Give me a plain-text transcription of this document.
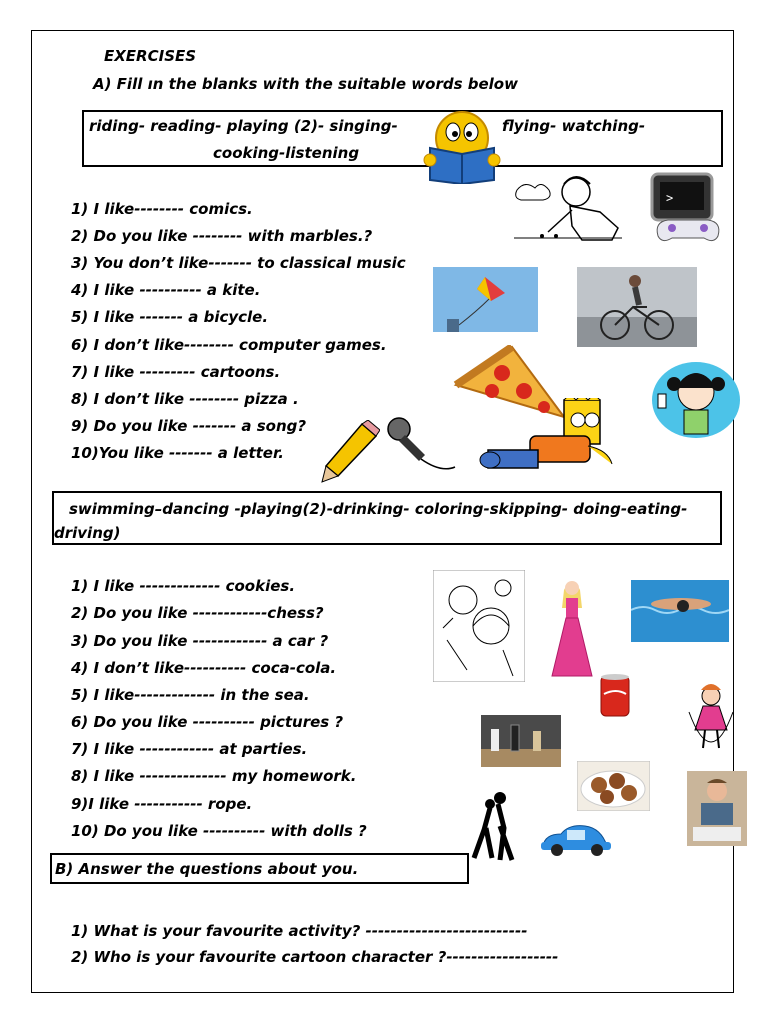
EXERCISES
A) Fill ın the blanks with the suitable words below
riding- reading- playing (2)- singing-	flying- watching-
cooking-listening
1) I like-------- comics.
2) Do you like -------- with marbles.?
3) You don’t like------- to classical music
4) I like ---------- a kite.
5) I like ------- a bicycle.
6) I don’t like-------- computer games.
7) I like --------- cartoons.
8) I don’t like -------- pizza .
9) Do you like ------- a song?
10)You like ------- a letter.
>
swimming–dancing -playing(2)-drinking- coloring-skipping- doing-eating-
driving)
1) I like ------------- cookies.
2) Do you like ------------chess?
3) Do you like ------------ a car ?
4) I don’t like---------- coca-cola.
5) I like------------- in the sea.
6) Do you like ---------- pictures ?
7) I like ------------ at parties.
8) I like -------------- my homework.
9)I like ----------- rope.
10) Do you like ---------- with dolls ?
B) Answer the questions about you.
1) What is your favourite activity? --------------------------
2) Who is your favourite cartoon character ?------------------
